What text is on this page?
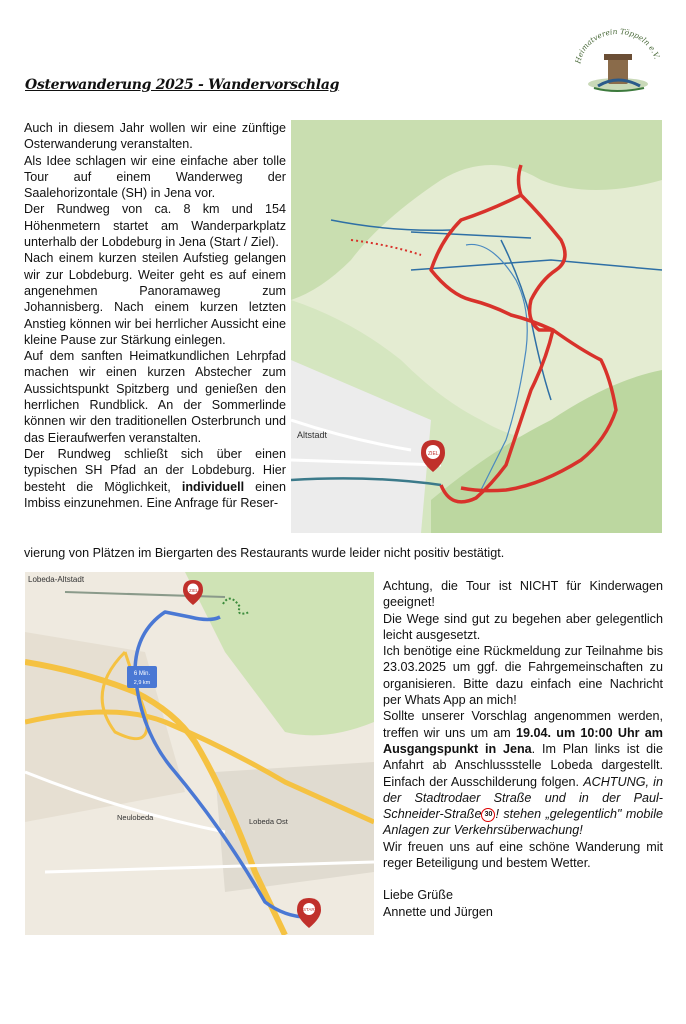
Osterwanderung 2025 - Wandervorschlag
Heimatverein Töppeln e.V.

Auch in diesem Jahr wollen wir eine zünftige Osterwanderung veranstalten.

Als Idee schlagen wir eine einfache aber tolle Tour auf einem Wanderweg der Saalehorizontale (SH) in Jena vor.

Der Rundweg von ca. 8 km und 154 Höhenmetern startet am Wanderparkplatz unterhalb der Lobdeburg in Jena (Start / Ziel).

Nach einem kurzen steilen Aufstieg gelangen wir zur Lobdeburg. Weiter geht es auf einem angenehmen Panoramaweg zum Johannisberg. Nach einem kurzen letzten Anstieg können wir bei herrlicher Aussicht eine kleine Pause zur Stärkung einlegen.

Auf dem sanften Heimatkundlichen Lehrpfad machen wir einen kurzen Abstecher zum Aussichtspunkt Spitzberg und genießen den herrlichen Rundblick. An der Sommerlinde können wir den traditionellen Osterbrunch und das Eieraufwerfen veranstalten.

Der Rundweg schließt sich über einen typischen SH Pfad an der Lobdeburg. Hier besteht die Möglichkeit, individuell einen Imbiss einzunehmen. Eine Anfrage für Reser-

vierung von Plätzen im Biergarten des Restaurants wurde leider nicht positiv bestätigt.
ZIEL
Altstadt
6 Min.
2,9 km
ZIEL
START
Lobeda-Altstadt
Neulobeda	Lobeda Ost

Achtung, die Tour ist NICHT für Kinderwagen geeignet!

Die Wege sind gut zu begehen aber gelegentlich leicht ausgesetzt.

Ich benötige eine Rückmeldung zur Teilnahme bis 23.03.2025 um ggf. die Fahrgemeinschaften zu organisieren. Bitte dazu einfach eine Nachricht per Whats App an mich!

Sollte unserer Vorschlag angenommen werden, treffen wir uns um am 19.04. um 10:00 Uhr am Ausgangspunkt in Jena. Im Plan links ist die Anfahrt ab Anschlussstelle Lobeda dargestellt. Einfach der Ausschilderung folgen. ACHTUNG, in der Stadtrodaer Straße und in der Paul-Schneider-Straße 30 ! stehen „gelegentlich" mobile Anlagen zur Verkehrsüberwachung!

Wir freuen uns auf eine schöne Wanderung mit reger Beteiligung und bestem Wetter.

Liebe Grüße

Annette und Jürgen
